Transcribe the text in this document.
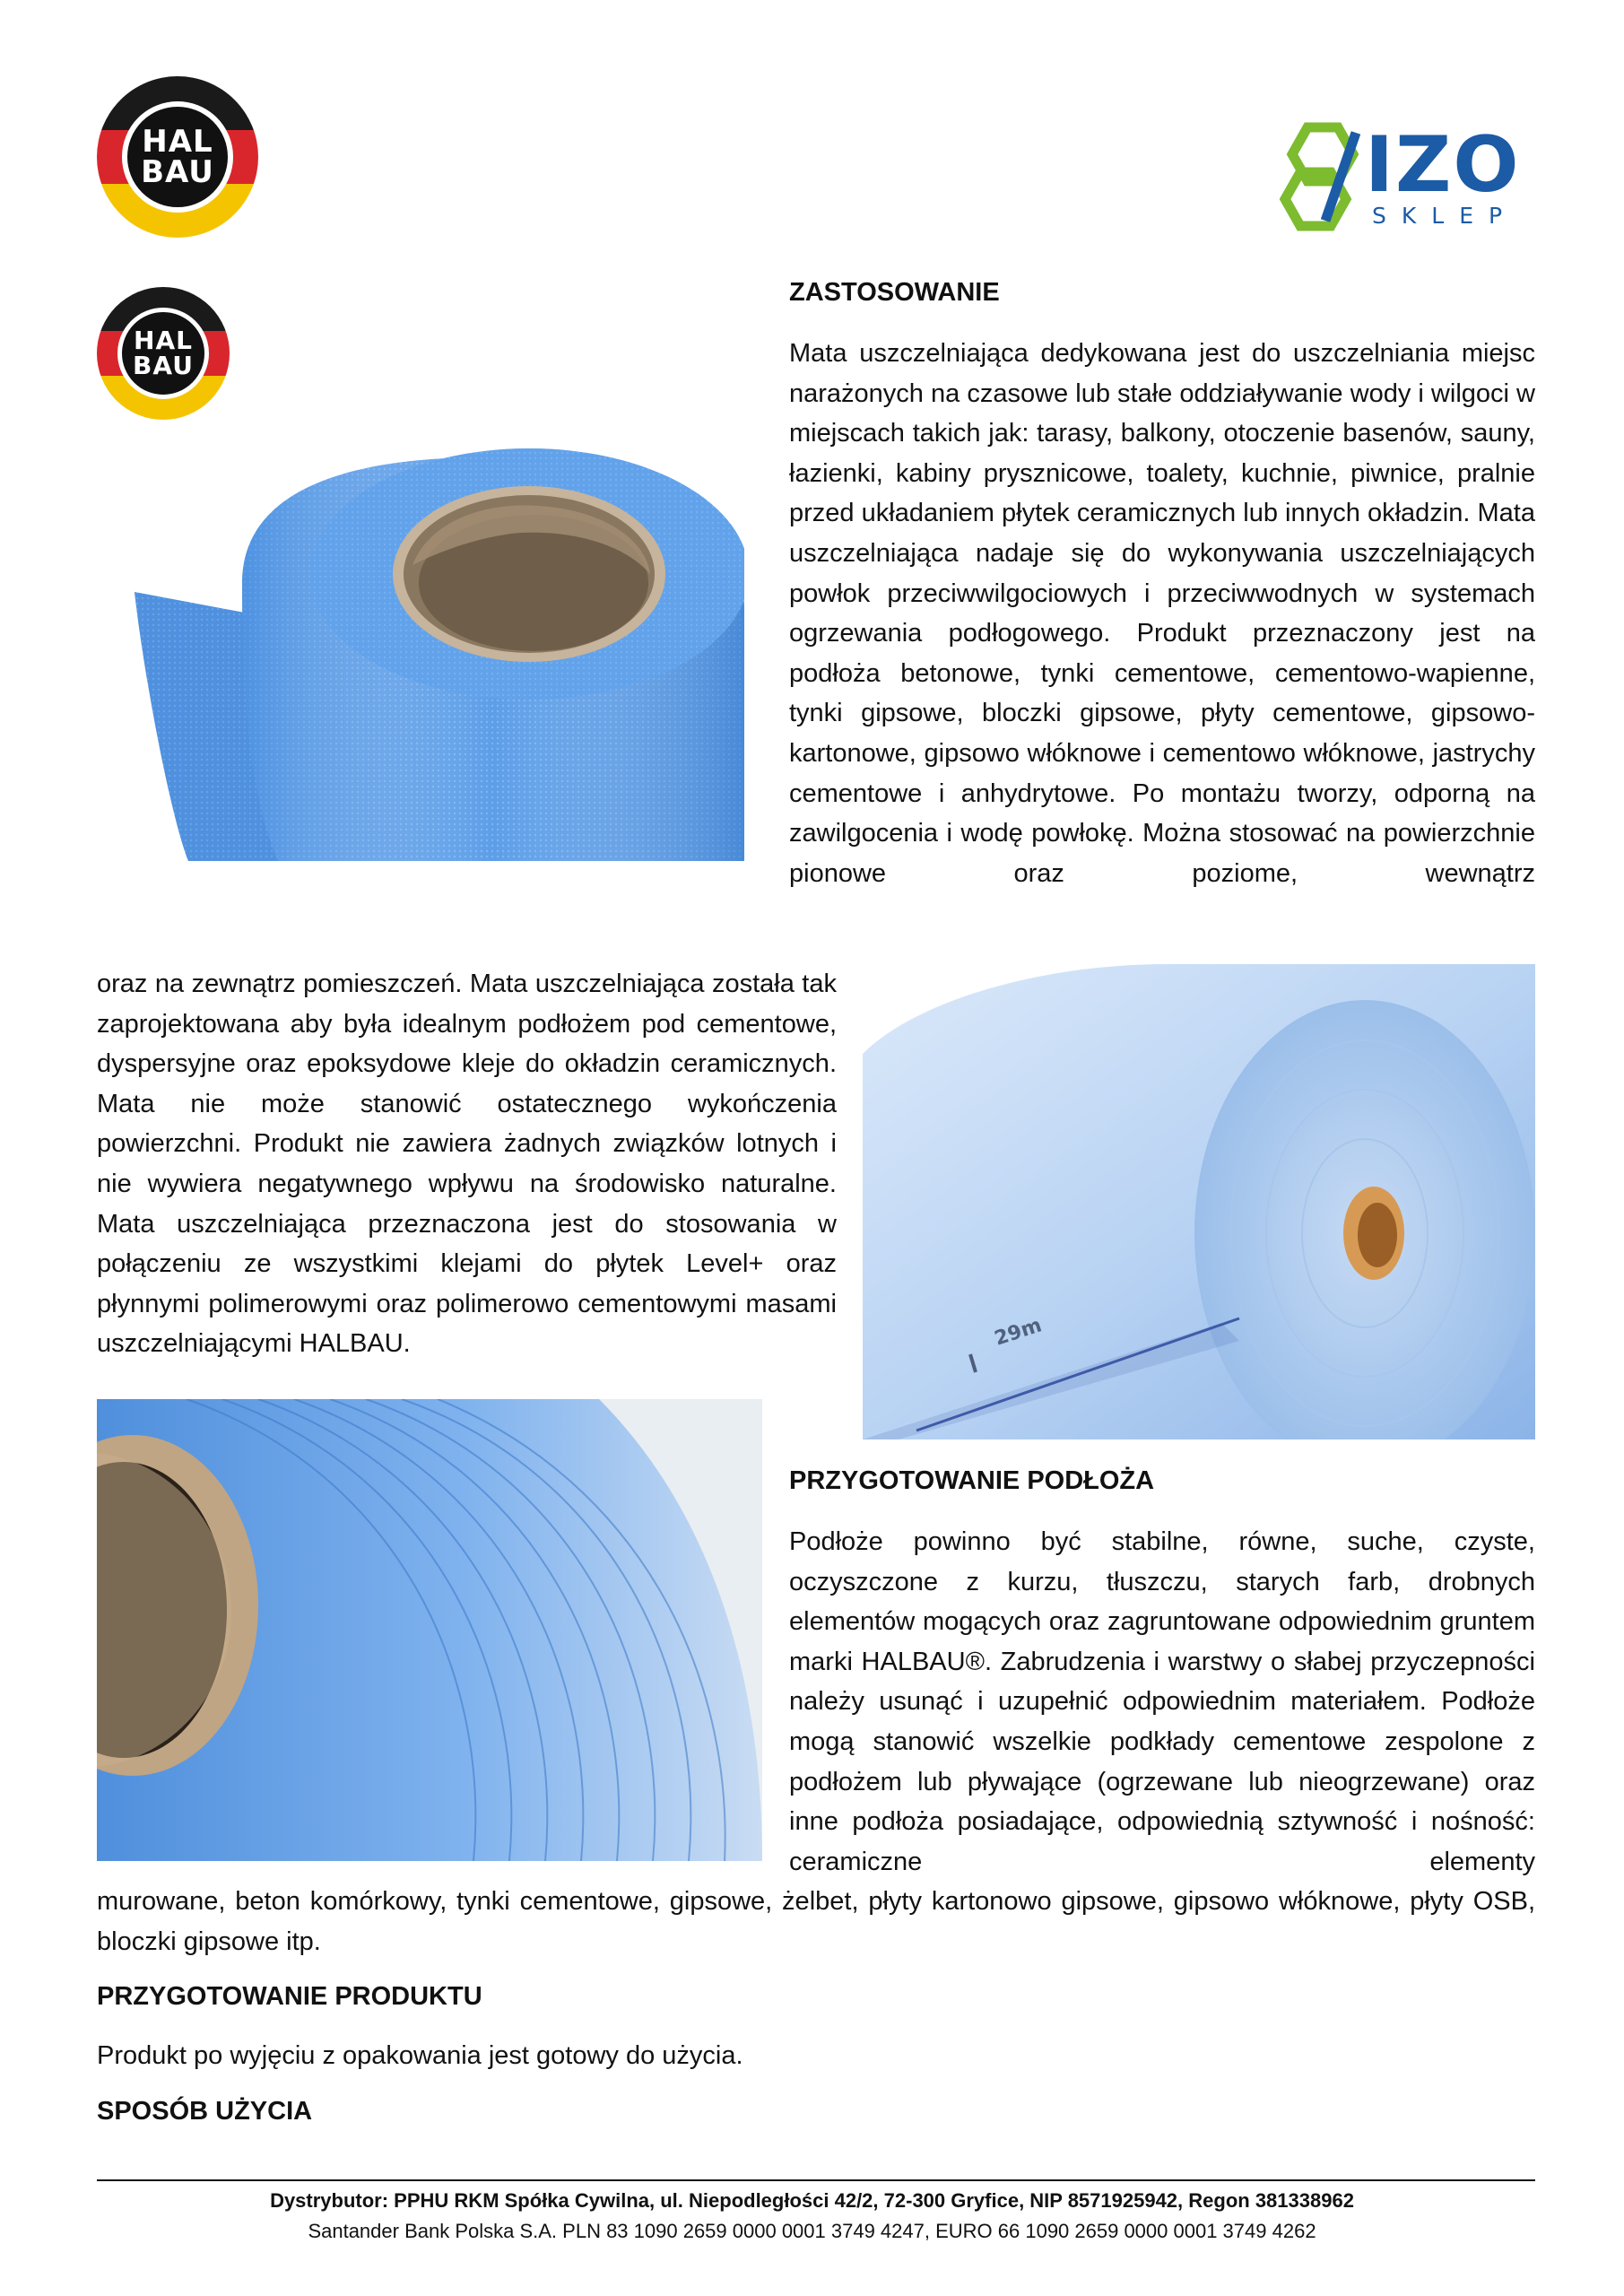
HAL
BAU
HAL
BAU
IZO
SKLEP
ZASTOSOWANIE
Mata uszczelniająca dedykowana jest do uszczelniania miejsc narażonych na czasowe lub stałe oddziaływanie wody i wilgoci w miejscach takich jak: tarasy, balkony, otoczenie basenów, sauny, łazienki, kabiny prysznicowe, toalety, kuchnie, piwnice, pralnie przed układaniem płytek ceramicznych lub innych okładzin. Mata uszczelniająca nadaje się do wykonywania uszczelniających powłok przeciwwilgociowych i przeciwwodnych w systemach ogrzewania podłogowego. Produkt przeznaczony jest na podłoża betonowe, tynki cementowe, cementowo-wapienne, tynki gipsowe, bloczki gipsowe, płyty cementowe, gipsowo-kartonowe, gipsowo włóknowe i cementowo włóknowe, jastrychy cementowe i anhydrytowe. Po montażu tworzy, odporną na zawilgocenia i wodę powłokę. Można stosować na powierzchnie pionowe oraz poziome, wewnątrz
oraz na zewnątrz pomieszczeń. Mata uszczelniająca została tak zaprojektowana aby była idealnym podłożem pod cementowe, dyspersyjne oraz epoksydowe kleje do okładzin ceramicznych. Mata nie może stanowić ostatecznego wykończenia powierzchni. Produkt nie zawiera żadnych związków lotnych i nie wywiera negatywnego wpływu na środowisko naturalne. Mata uszczelniająca przeznaczona jest do stosowania w połączeniu ze wszystkimi klejami do płytek Level+ oraz płynnymi polimerowymi oraz polimerowo cementowymi masami uszczelniającymi HALBAU.	29m
PRZYGOTOWANIE PODŁOŻA
Podłoże powinno być stabilne, równe, suche, czyste, oczyszczone z kurzu, tłuszczu, starych farb, drobnych elementów mogących oraz zagruntowane odpowiednim gruntem marki HALBAU®. Zabrudzenia i warstwy o słabej przyczepności należy usunąć i uzupełnić odpowiednim materiałem. Podłoże mogą stanowić wszelkie podkłady cementowe zespolone z podłożem lub pływające (ogrzewane lub nieogrzewane) oraz inne podłoża posiadające, odpowiednią sztywność i nośność: ceramiczne elementy
murowane, beton komórkowy, tynki cementowe, gipsowe, żelbet, płyty kartonowo gipsowe, gipsowo włóknowe, płyty OSB, bloczki gipsowe itp.
PRZYGOTOWANIE PRODUKTU
Produkt po wyjęciu z opakowania jest gotowy do użycia.
SPOSÓB UŻYCIA
Dystrybutor: PPHU RKM Spółka Cywilna, ul. Niepodległości 42/2, 72-300 Gryfice, NIP 8571925942, Regon 381338962
Santander Bank Polska S.A. PLN 83 1090 2659 0000 0001 3749 4247, EURO 66 1090 2659 0000 0001 3749 4262
